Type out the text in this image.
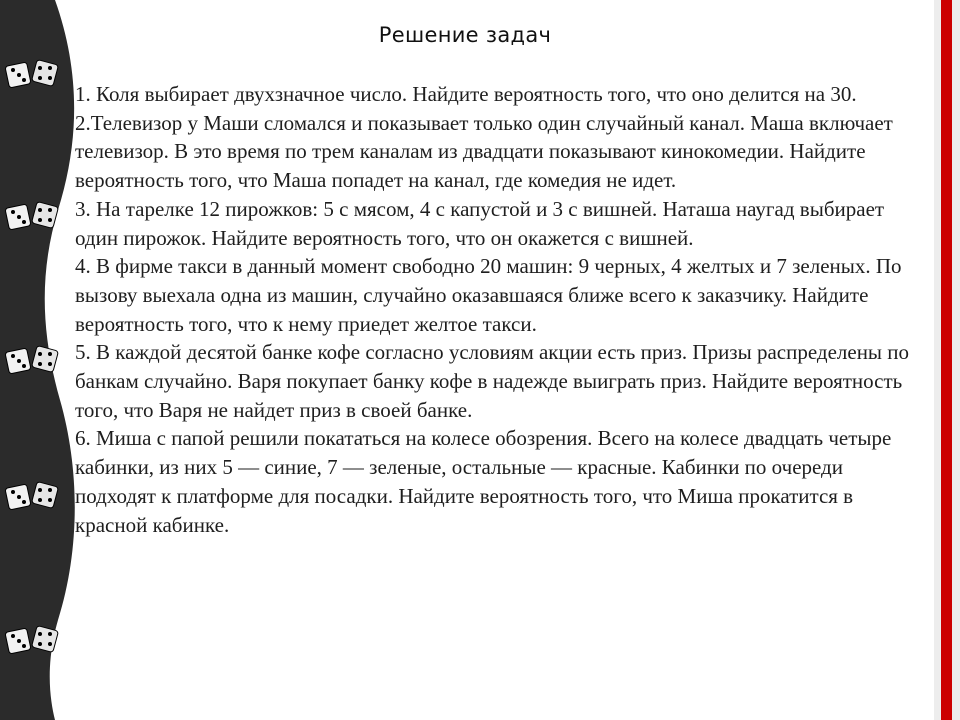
Решение задач

1. Коля выбирает двухзначное число. Найдите вероятность того, что оно делится на 30.

2.Телевизор у Маши сломался и показывает только один случайный канал. Маша включает телевизор. В это время по трем каналам из двадцати показывают кинокомедии. Найдите вероятность того, что Маша попадет на канал, где комедия не идет.

3. На тарелке 12 пирожков: 5 с мясом, 4 с капустой и 3 с вишней. Наташа наугад выбирает один пирожок. Найдите вероятность того, что он окажется с вишней.

4. В фирме такси в данный момент свободно 20 машин: 9 черных, 4 желтых и 7 зеленых. По вызову выехала одна из машин, случайно оказавшаяся ближе всего к заказчику. Найдите вероятность того, что к нему приедет желтое такси.

5. В каждой десятой банке кофе согласно условиям акции есть приз. Призы распределены по банкам случайно. Варя покупает банку кофе в надежде выиграть приз. Найдите вероятность того, что Варя не найдет приз в своей банке.

6. Миша с папой решили покататься на колесе обозрения. Всего на колесе двадцать четыре кабинки, из них 5 — синие, 7 — зеленые, остальные — красные. Кабинки по очереди подходят к платформе для посадки. Найдите вероятность того, что Миша прокатится в красной кабинке.
